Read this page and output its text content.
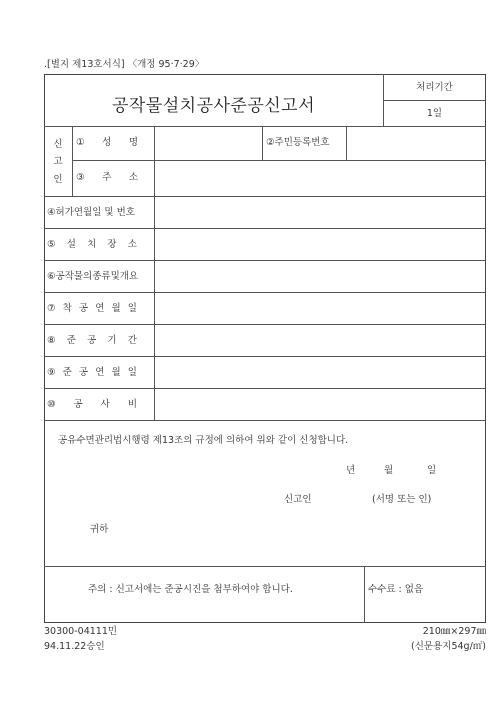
.[별지 제13호서식] 〈개정 95·7·29〉
공작물설치공사준공신고서
처리기간
1일
신
고
인
① 성 명	②주민등록번호
③ 주 소
④허가연월일 및 번호
⑤ 설 치 장 소
⑥공작물의종류및개요
⑦ 착 공 연 월 일
⑧ 준 공 기 간
⑨ 준 공 연 월 일
⑩ 공 사 비
공유수면관리법시행령 제13조의 규정에 의하여 위와 같이 신청합니다.
년	월	일
신고인	(서명 또는 인)
귀하
주의 : 신고서에는 준공시진을 첨부하여야 합니다.	수수료 : 없음
30300-04111민
94.11.22승인
210㎜×297㎜
(신문용지54g/㎡)
